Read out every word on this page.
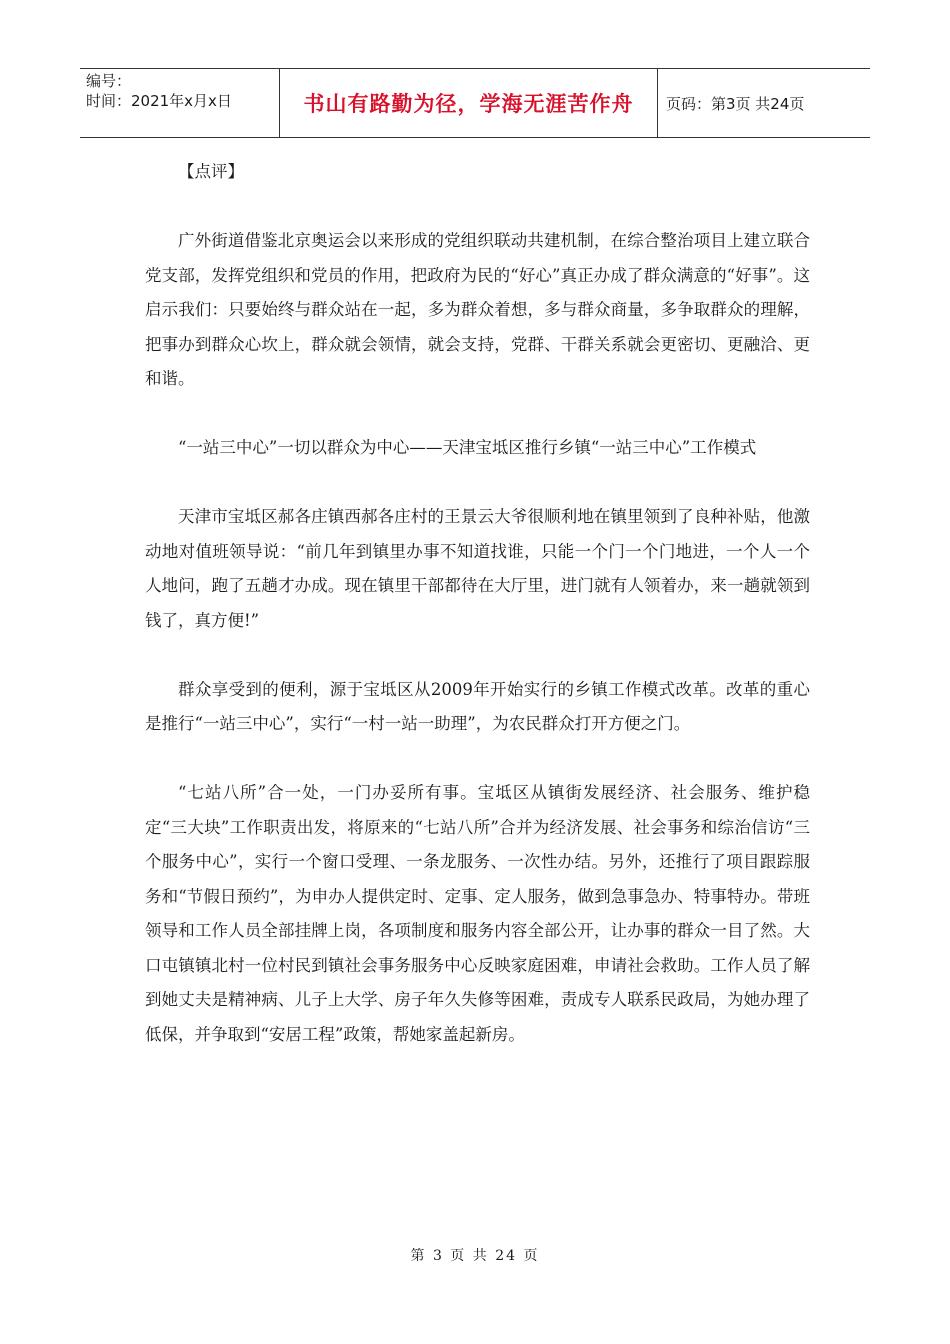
编号：
时间：2021年x月x日	书山有路勤为径，学海无涯苦作舟	页码：第3页 共24页

【点评】

广外街道借鉴北京奥运会以来形成的党组织联动共建机制，在综合整治项目上建立联合党支部，发挥党组织和党员的作用，把政府为民的“好心”真正办成了群众满意的“好事”。这启示我们：只要始终与群众站在一起，多为群众着想，多与群众商量，多争取群众的理解，把事办到群众心坎上，群众就会领情，就会支持，党群、干群关系就会更密切、更融洽、更和谐。

“一站三中心”一切以群众为中心——天津宝坻区推行乡镇“一站三中心”工作模式

天津市宝坻区郝各庄镇西郝各庄村的王景云大爷很顺利地在镇里领到了良种补贴，他激动地对值班领导说：“前几年到镇里办事不知道找谁，只能一个门一个门地进，一个人一个人地问，跑了五趟才办成。现在镇里干部都待在大厅里，进门就有人领着办，来一趟就领到钱了，真方便!”

群众享受到的便利，源于宝坻区从2009年开始实行的乡镇工作模式改革。改革的重心是推行“一站三中心”，实行“一村一站一助理”，为农民群众打开方便之门。

“七站八所”合一处，一门办妥所有事。宝坻区从镇街发展经济、社会服务、维护稳定“三大块”工作职责出发，将原来的“七站八所”合并为经济发展、社会事务和综治信访“三个服务中心”，实行一个窗口受理、一条龙服务、一次性办结。另外，还推行了项目跟踪服务和“节假日预约”，为申办人提供定时、定事、定人服务，做到急事急办、特事特办。带班领导和工作人员全部挂牌上岗，各项制度和服务内容全部公开，让办事的群众一目了然。大口屯镇镇北村一位村民到镇社会事务服务中心反映家庭困难，申请社会救助。工作人员了解到她丈夫是精神病、儿子上大学、房子年久失修等困难，责成专人联系民政局，为她办理了低保，并争取到“安居工程”政策，帮她家盖起新房。

第 3 页 共 24 页
